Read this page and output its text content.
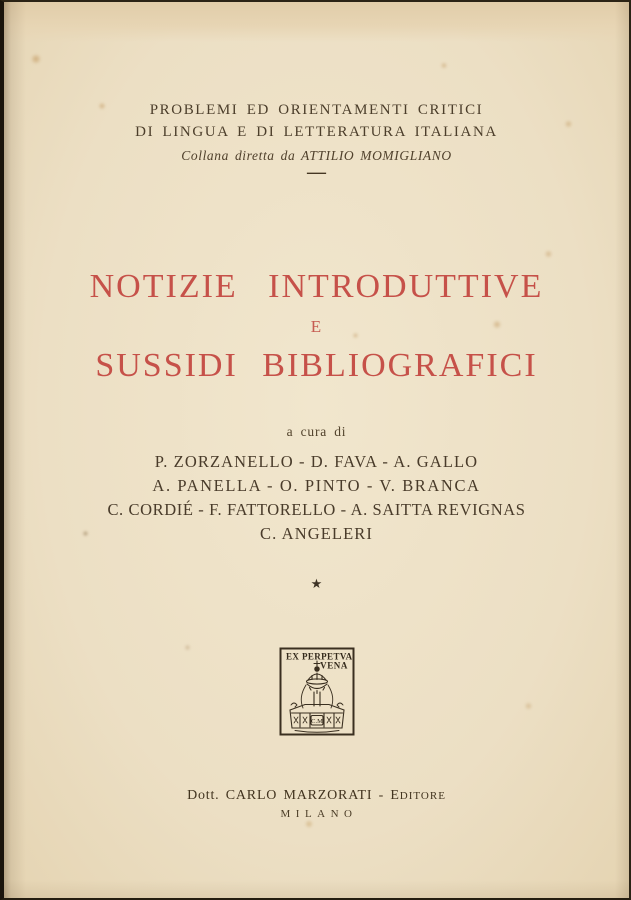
PROBLEMI ED ORIENTAMENTI CRITICI
DI LINGUA E DI LETTERATURA ITALIANA
Collana diretta da ATTILIO MOMIGLIANO
—
NOTIZIE INTRODUTTIVE
E
SUSSIDI BIBLIOGRAFICI
a cura di
P. ZORZANELLO - D. FAVA - A. GALLO
A. PANELLA - O. PINTO - V. BRANCA
C. CORDIÉ - F. FATTORELLO - A. SAITTA REVIGNAS
C. ANGELERI
★
EX PERPETVA
VENA
C.M
Dott. CARLO MARZORATI - EDITORE
MILANO
